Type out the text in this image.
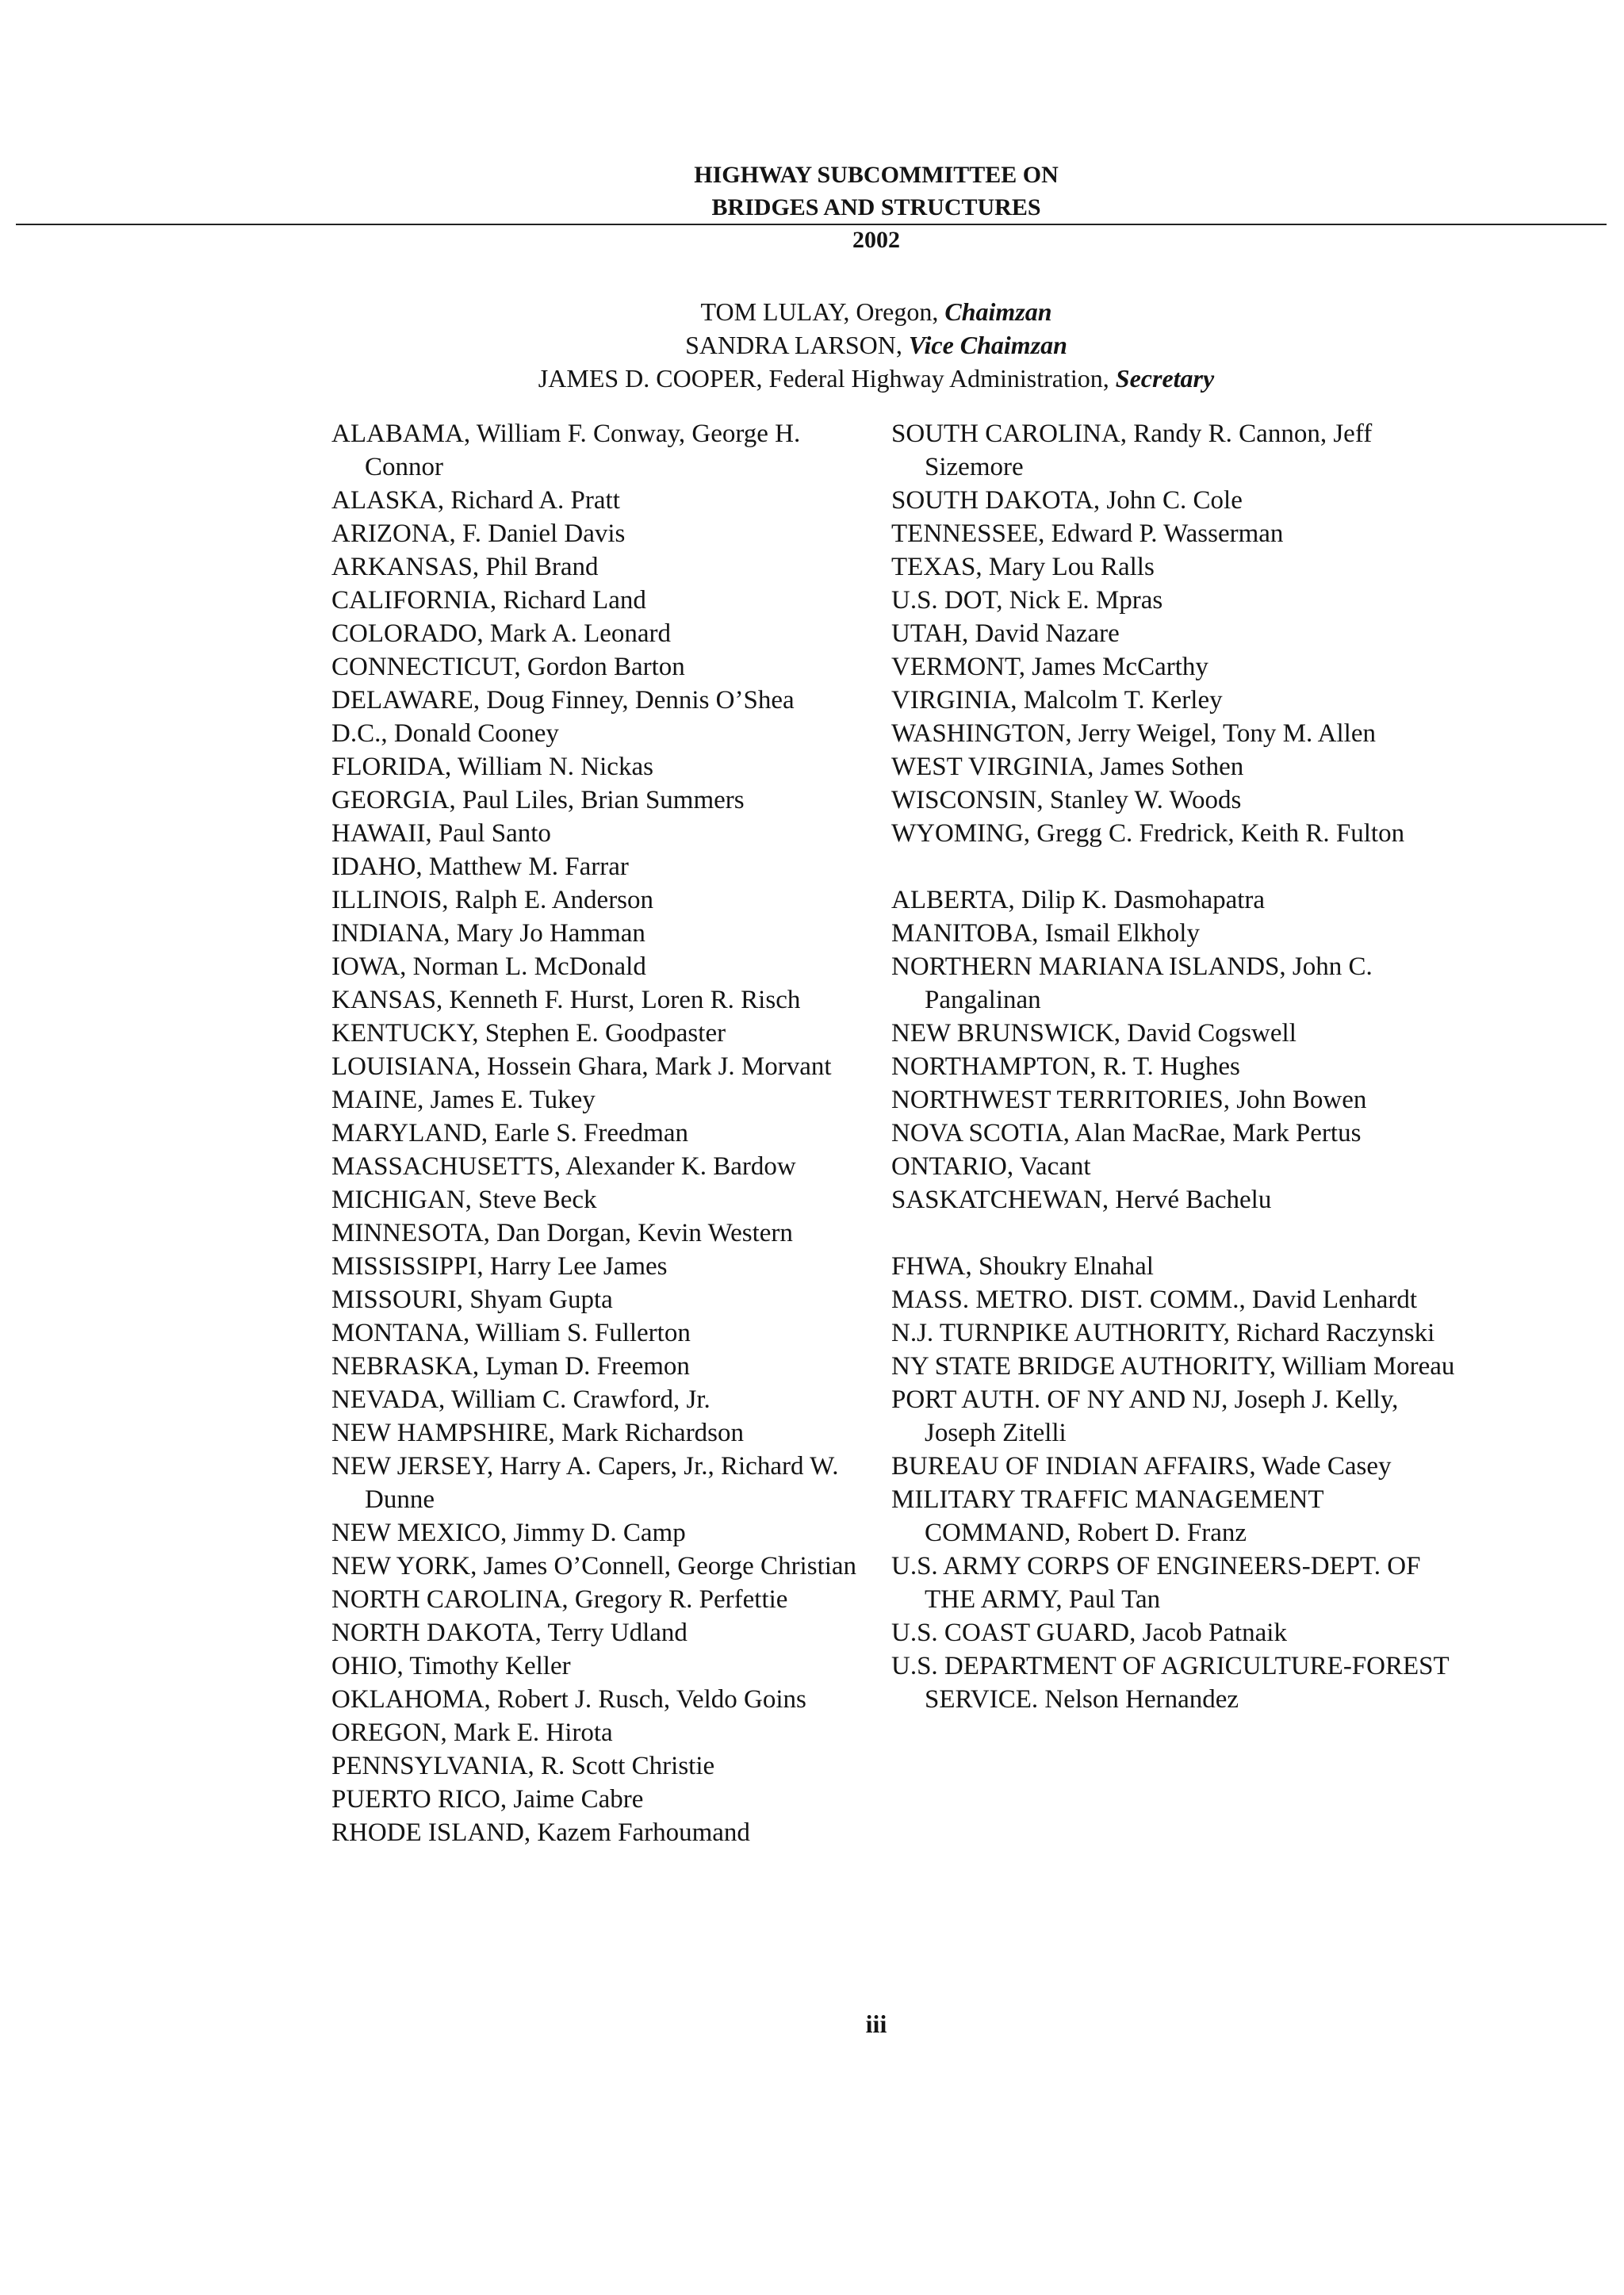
HIGHWAY SUBCOMMITTEE ON
BRIDGES AND STRUCTURES
2002
TOM LULAY, Oregon, Chaimzan
SANDRA LARSON, Vice Chaimzan
JAMES D. COOPER, Federal Highway Administration, Secretary
ALABAMA, William F. Conway, George H. Connor
ALASKA, Richard A. Pratt
ARIZONA, F. Daniel Davis
ARKANSAS, Phil Brand
CALIFORNIA, Richard Land
COLORADO, Mark A. Leonard
CONNECTICUT, Gordon Barton
DELAWARE, Doug Finney, Dennis O’Shea
D.C., Donald Cooney
FLORIDA, William N. Nickas
GEORGIA, Paul Liles, Brian Summers
HAWAII, Paul Santo
IDAHO, Matthew M. Farrar
ILLINOIS, Ralph E. Anderson
INDIANA, Mary Jo Hamman
IOWA, Norman L. McDonald
KANSAS, Kenneth F. Hurst, Loren R. Risch
KENTUCKY, Stephen E. Goodpaster
LOUISIANA, Hossein Ghara, Mark J. Morvant
MAINE, James E. Tukey
MARYLAND, Earle S. Freedman
MASSACHUSETTS, Alexander K. Bardow
MICHIGAN, Steve Beck
MINNESOTA, Dan Dorgan, Kevin Western
MISSISSIPPI, Harry Lee James
MISSOURI, Shyam Gupta
MONTANA, William S. Fullerton
NEBRASKA, Lyman D. Freemon
NEVADA, William C. Crawford, Jr.
NEW HAMPSHIRE, Mark Richardson
NEW JERSEY, Harry A. Capers, Jr., Richard W. Dunne
NEW MEXICO, Jimmy D. Camp
NEW YORK, James O’Connell, George Christian
NORTH CAROLINA, Gregory R. Perfettie
NORTH DAKOTA, Terry Udland
OHIO, Timothy Keller
OKLAHOMA, Robert J. Rusch, Veldo Goins
OREGON, Mark E. Hirota
PENNSYLVANIA, R. Scott Christie
PUERTO RICO, Jaime Cabre
RHODE ISLAND, Kazem Farhoumand
SOUTH CAROLINA, Randy R. Cannon, Jeff Sizemore
SOUTH DAKOTA, John C. Cole
TENNESSEE, Edward P. Wasserman
TEXAS, Mary Lou Ralls
U.S. DOT, Nick E. Mpras
UTAH, David Nazare
VERMONT, James McCarthy
VIRGINIA, Malcolm T. Kerley
WASHINGTON, Jerry Weigel, Tony M. Allen
WEST VIRGINIA, James Sothen
WISCONSIN, Stanley W. Woods
WYOMING, Gregg C. Fredrick, Keith R. Fulton
ALBERTA, Dilip K. Dasmohapatra
MANITOBA, Ismail Elkholy
NORTHERN MARIANA ISLANDS, John C. Pangalinan
NEW BRUNSWICK, David Cogswell
NORTHAMPTON, R. T. Hughes
NORTHWEST TERRITORIES, John Bowen
NOVA SCOTIA, Alan MacRae, Mark Pertus
ONTARIO, Vacant
SASKATCHEWAN, Hervé Bachelu
FHWA, Shoukry Elnahal
MASS. METRO. DIST. COMM., David Lenhardt
N.J. TURNPIKE AUTHORITY, Richard Raczynski
NY STATE BRIDGE AUTHORITY, William Moreau
PORT AUTH. OF NY AND NJ, Joseph J. Kelly, Joseph Zitelli
BUREAU OF INDIAN AFFAIRS, Wade Casey
MILITARY TRAFFIC MANAGEMENT COMMAND, Robert D. Franz
U.S. ARMY CORPS OF ENGINEERS-DEPT. OF THE ARMY, Paul Tan
U.S. COAST GUARD, Jacob Patnaik
U.S. DEPARTMENT OF AGRICULTURE-FOREST SERVICE. Nelson Hernandez
iii
